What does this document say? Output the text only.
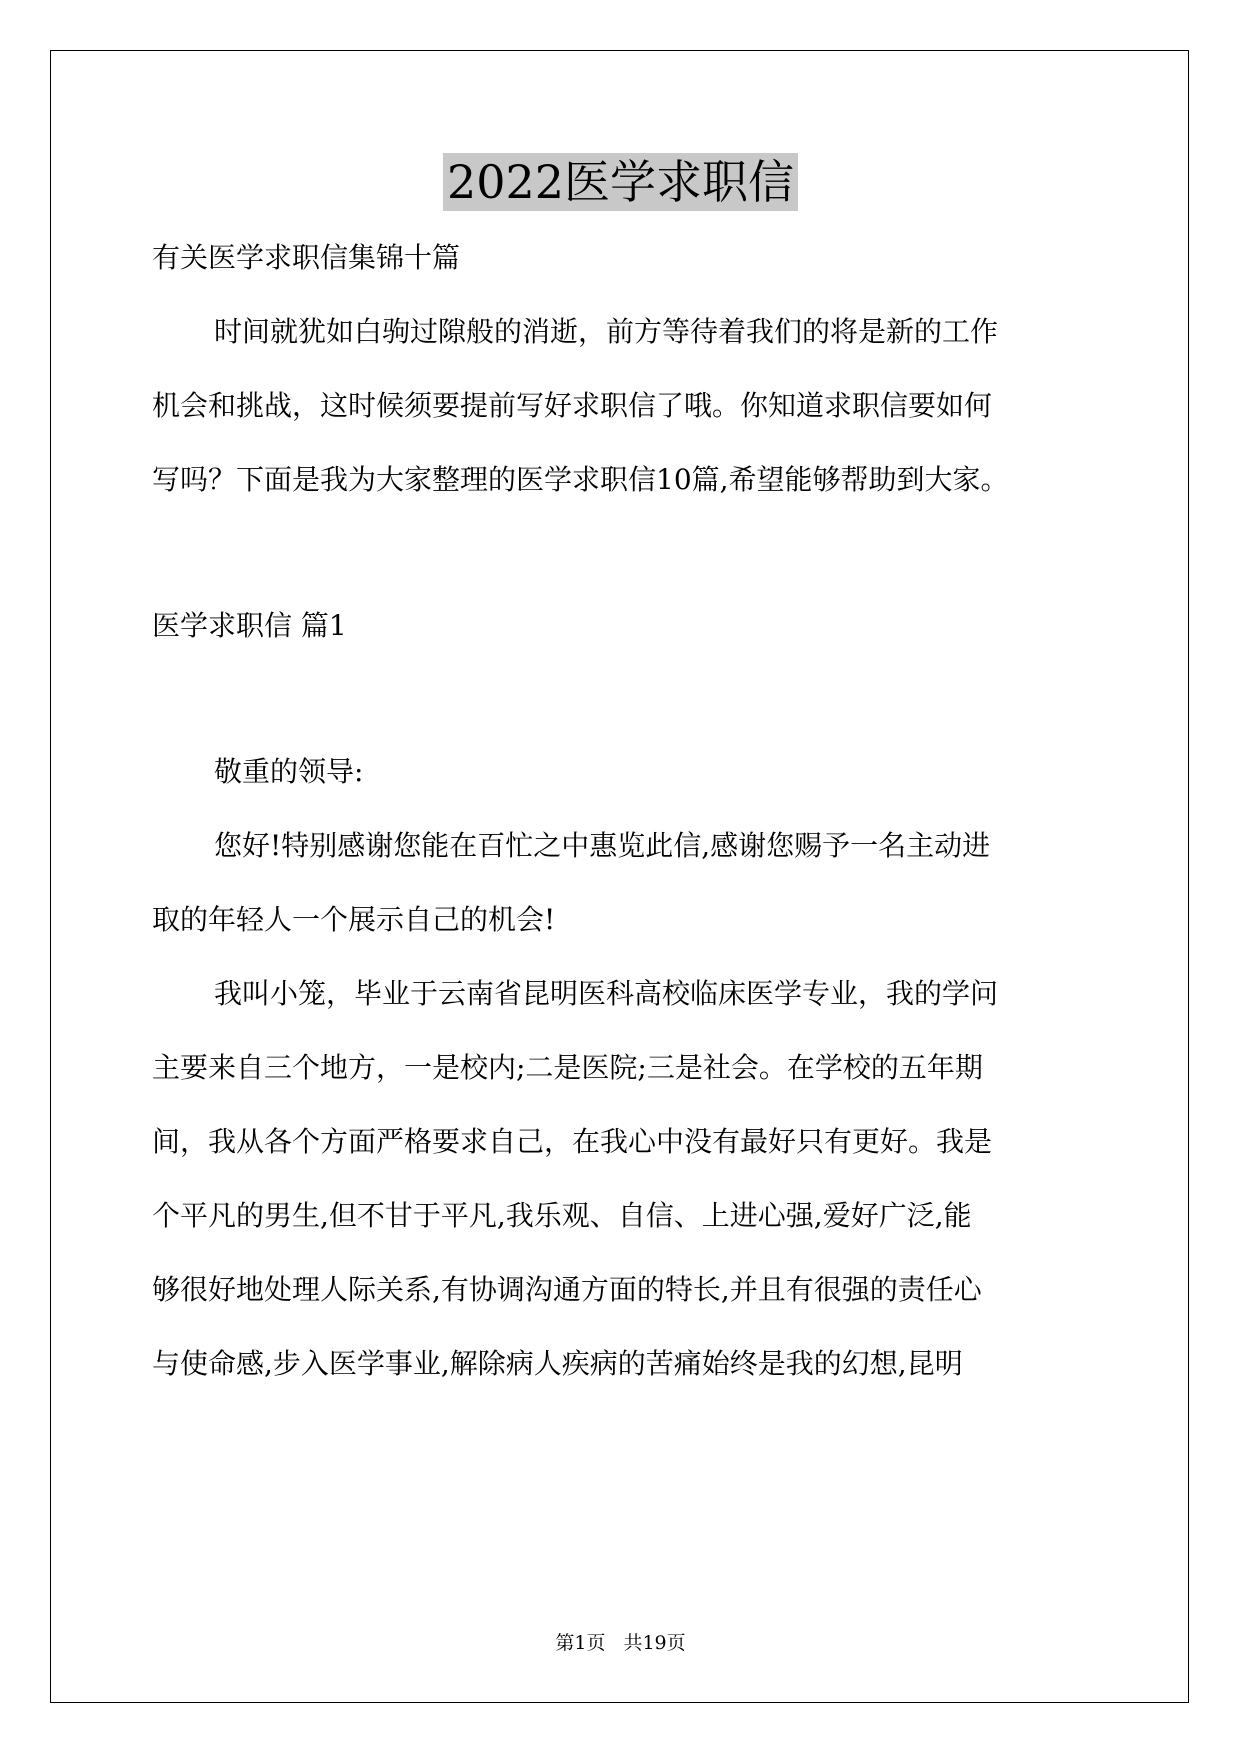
2022医学求职信
有关医学求职信集锦十篇
时间就犹如白驹过隙般的消逝，前方等待着我们的将是新的工作
机会和挑战，这时候须要提前写好求职信了哦。你知道求职信要如何
写吗？下面是我为大家整理的医学求职信10篇,希望能够帮助到大家。
医学求职信 篇1
敬重的领导:
您好!特别感谢您能在百忙之中惠览此信,感谢您赐予一名主动进
取的年轻人一个展示自己的机会!
我叫小笼，毕业于云南省昆明医科高校临床医学专业，我的学问
主要来自三个地方，一是校内;二是医院;三是社会。在学校的五年期
间，我从各个方面严格要求自己，在我心中没有最好只有更好。我是
个平凡的男生,但不甘于平凡,我乐观、自信、上进心强,爱好广泛,能
够很好地处理人际关系,有协调沟通方面的特长,并且有很强的责任心
与使命感,步入医学事业,解除病人疾病的苦痛始终是我的幻想,昆明
第1页 共19页
